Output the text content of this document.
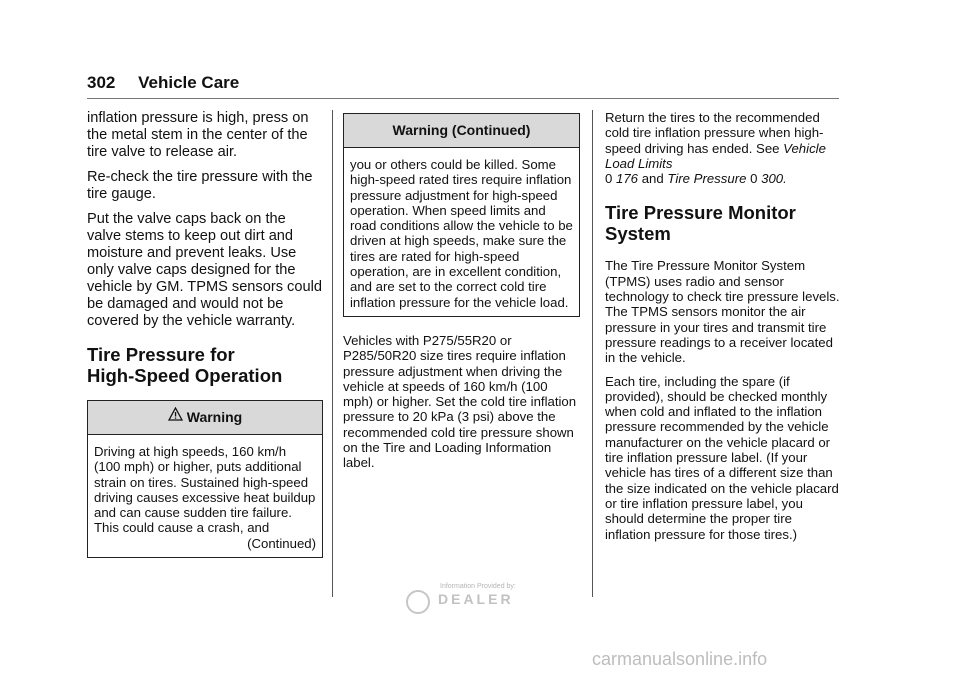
302 Vehicle Care

inflation pressure is high, press on the metal stem in the center of the tire valve to release air.

Re-check the tire pressure with the tire gauge.

Put the valve caps back on the valve stems to keep out dirt and moisture and prevent leaks. Use only valve caps designed for the vehicle by GM. TPMS sensors could be damaged and would not be covered by the vehicle warranty.

Tire Pressure for
High-Speed Operation
Warning
Driving at high speeds, 160 km/h (100 mph) or higher, puts additional strain on tires. Sustained high-speed driving causes excessive heat buildup and can cause sudden tire failure. This could cause a crash, and
(Continued)
Warning (Continued)
you or others could be killed. Some high-speed rated tires require inflation pressure adjustment for high-speed operation. When speed limits and road conditions allow the vehicle to be driven at high speeds, make sure the tires are rated for high-speed operation, are in excellent condition, and are set to the correct cold tire inflation pressure for the vehicle load.

Vehicles with P275/55R20 or P285/50R20 size tires require inflation pressure adjustment when driving the vehicle at speeds of 160 km/h (100 mph) or higher. Set the cold tire inflation pressure to 20 kPa (3 psi) above the recommended cold tire pressure shown on the Tire and Loading Information label.

Return the tires to the recommended cold tire inflation pressure when high-speed driving has ended. See Vehicle Load Limits
0 176 and Tire Pressure 0 300.

Tire Pressure Monitor
System

The Tire Pressure Monitor System (TPMS) uses radio and sensor technology to check tire pressure levels. The TPMS sensors monitor the air pressure in your tires and transmit tire pressure readings to a receiver located in the vehicle.

Each tire, including the spare (if provided), should be checked monthly when cold and inflated to the inflation pressure recommended by the vehicle manufacturer on the vehicle placard or tire inflation pressure label. (If your vehicle has tires of a different size than the size indicated on the vehicle placard or tire inflation pressure label, you should determine the proper tire inflation pressure for those tires.)

Information Provided by:
DEALER
carmanualsonline.info
